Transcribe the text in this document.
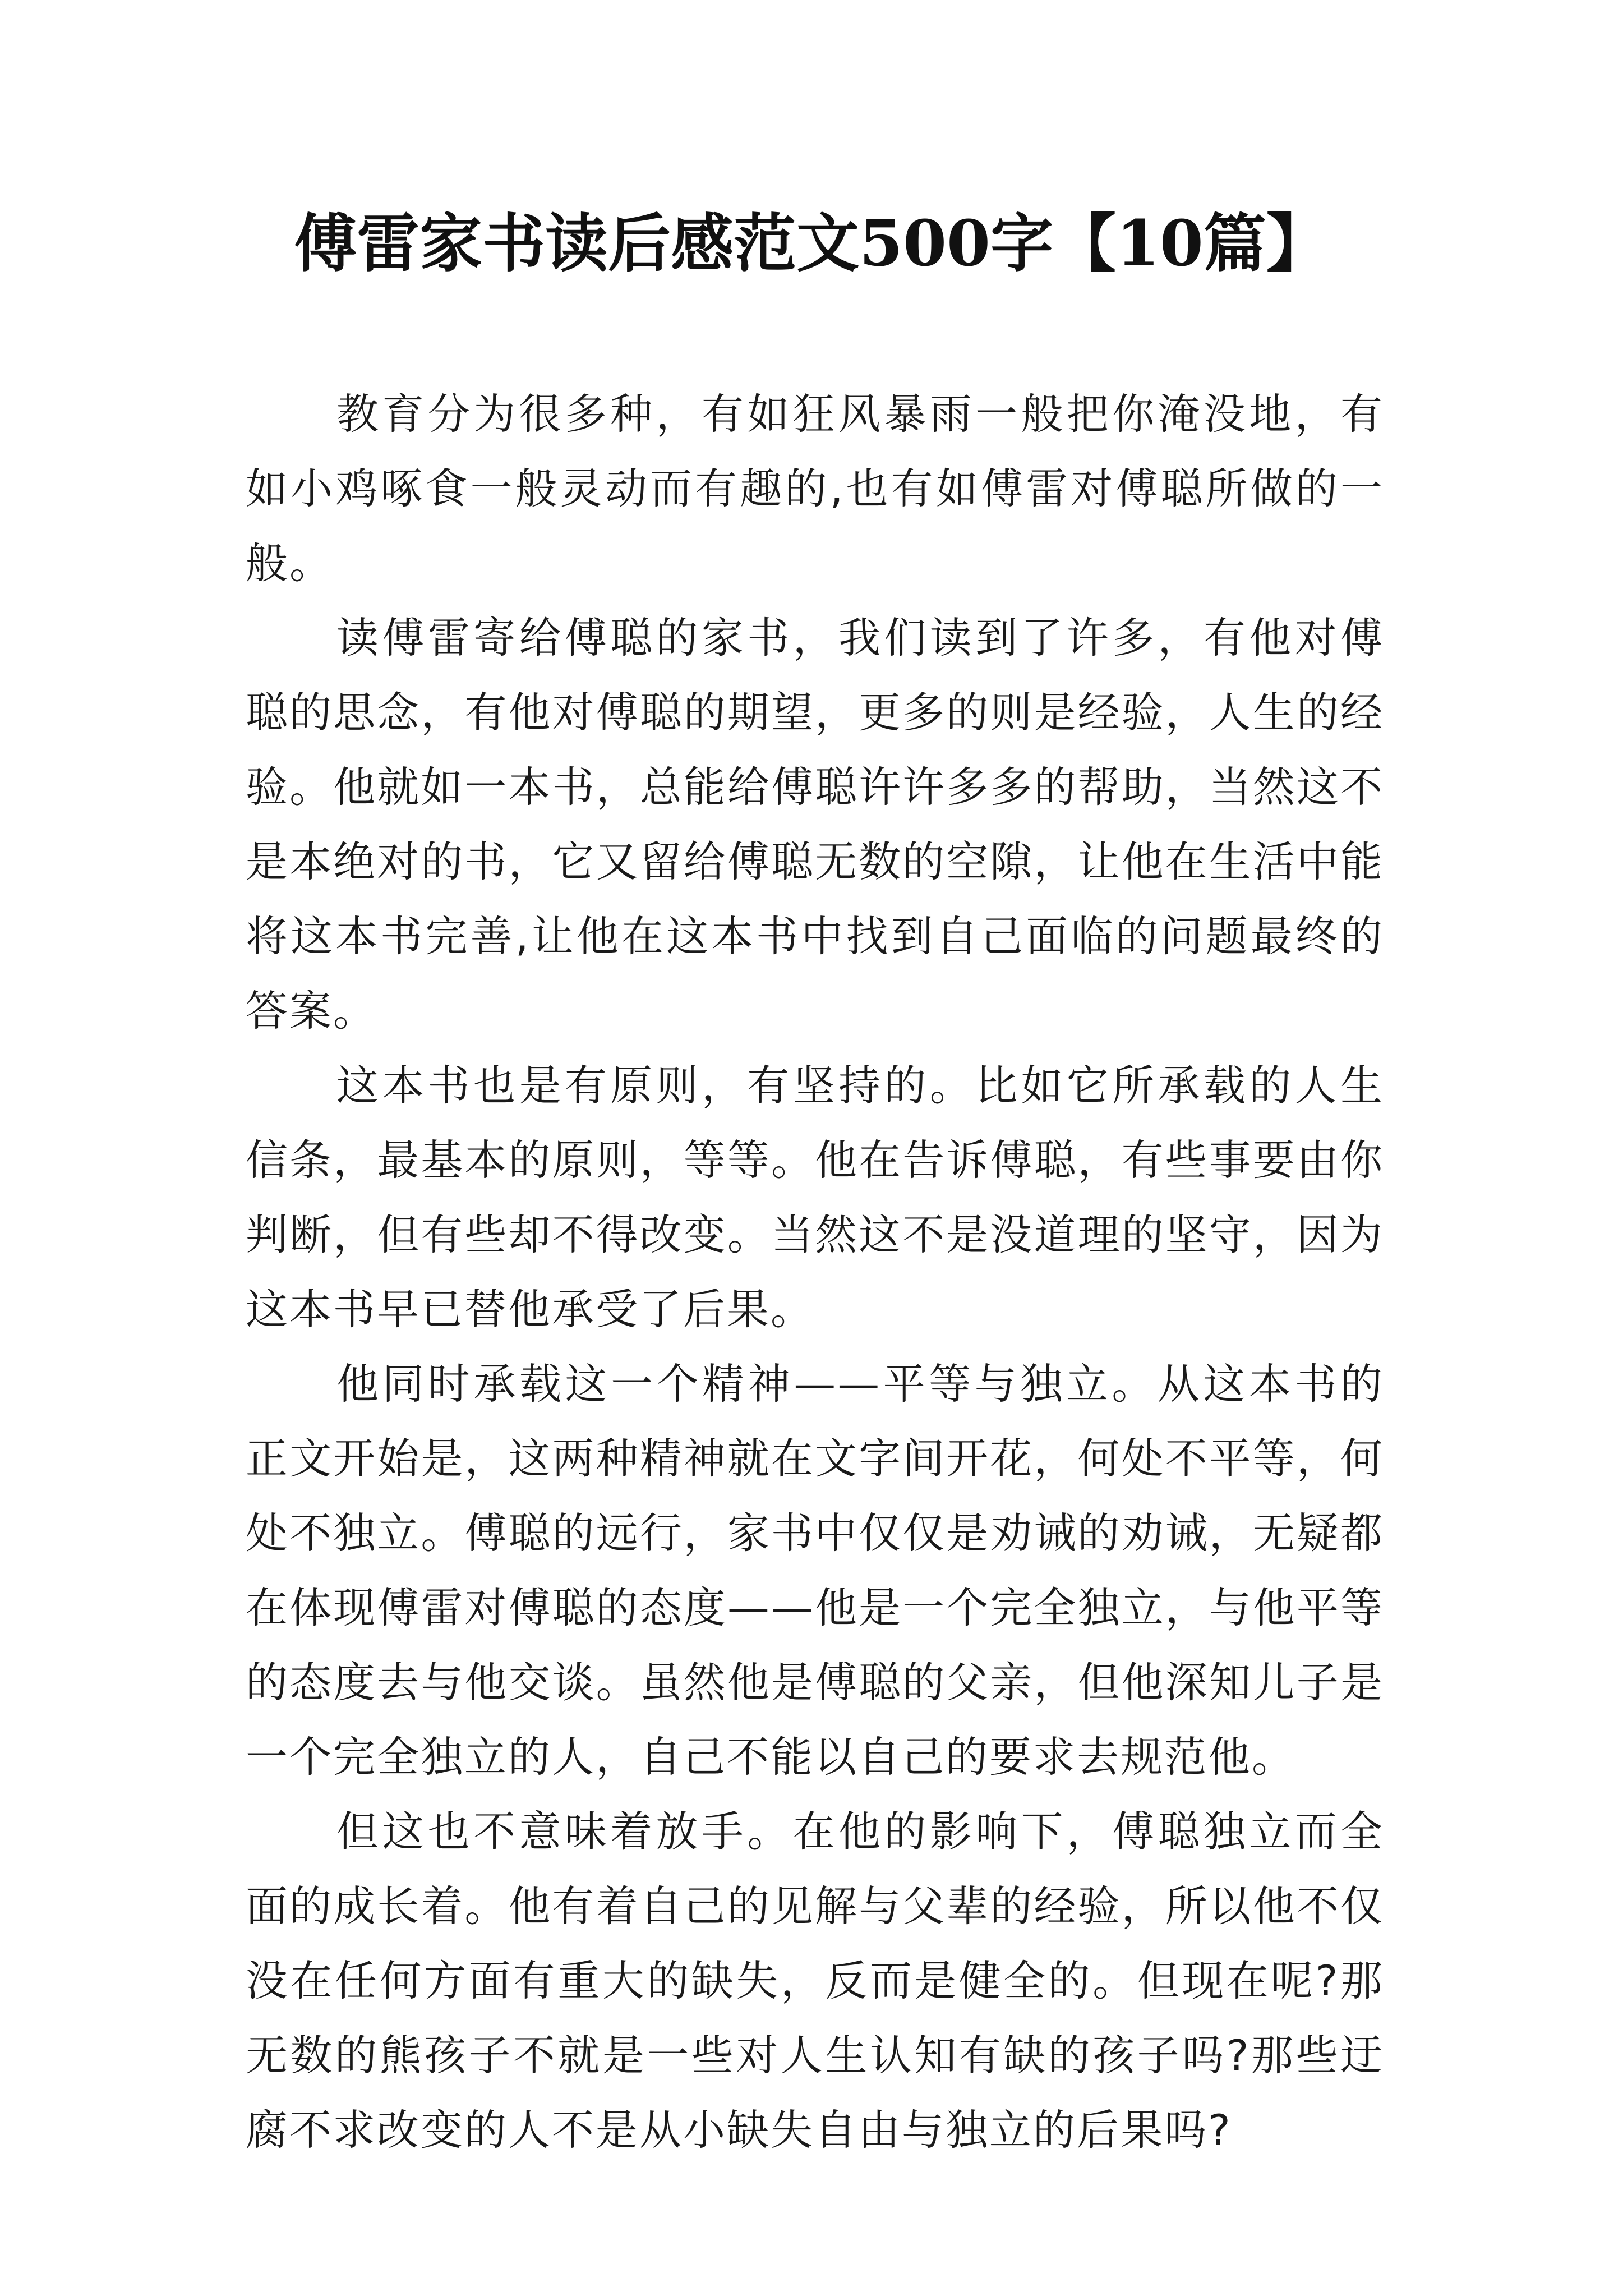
傅雷家书读后感范文500字【10篇】

教育分为很多种，有如狂风暴雨一般把你淹没地，有如小鸡啄食一般灵动而有趣的,也有如傅雷对傅聪所做的一般。

读傅雷寄给傅聪的家书，我们读到了许多，有他对傅聪的思念，有他对傅聪的期望，更多的则是经验，人生的经验。他就如一本书，总能给傅聪许许多多的帮助，当然这不是本绝对的书，它又留给傅聪无数的空隙，让他在生活中能将这本书完善,让他在这本书中找到自己面临的问题最终的答案。

这本书也是有原则，有坚持的。比如它所承载的人生信条，最基本的原则，等等。他在告诉傅聪，有些事要由你判断，但有些却不得改变。当然这不是没道理的坚守，因为这本书早已替他承受了后果。

他同时承载这一个精神——平等与独立。从这本书的正文开始是，这两种精神就在文字间开花，何处不平等，何处不独立。傅聪的远行，家书中仅仅是劝诫的劝诫，无疑都在体现傅雷对傅聪的态度——他是一个完全独立，与他平等的态度去与他交谈。虽然他是傅聪的父亲，但他深知儿子是一个完全独立的人，自己不能以自己的要求去规范他。

但这也不意味着放手。在他的影响下，傅聪独立而全面的成长着。他有着自己的见解与父辈的经验，所以他不仅没在任何方面有重大的缺失，反而是健全的。但现在呢?那无数的熊孩子不就是一些对人生认知有缺的孩子吗?那些迂腐不求改变的人不是从小缺失自由与独立的后果吗?
